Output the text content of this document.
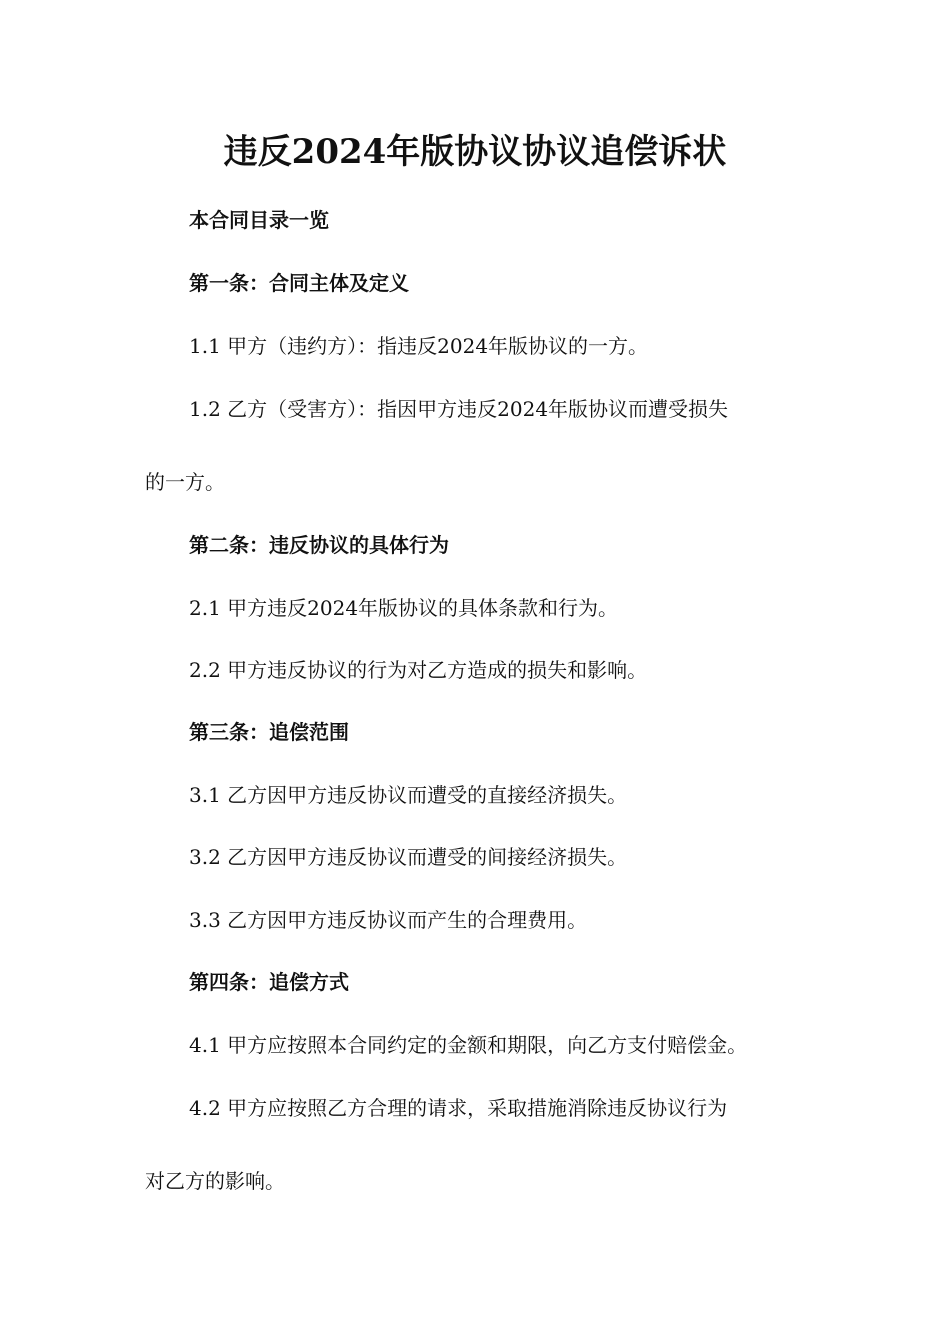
违反2024年版协议协议追偿诉状
本合同目录一览
第一条：合同主体及定义
1.1 甲方（违约方）：指违反2024年版协议的一方。
1.2 乙方（受害方）：指因甲方违反2024年版协议而遭受损失
的一方。
第二条：违反协议的具体行为
2.1 甲方违反2024年版协议的具体条款和行为。
2.2 甲方违反协议的行为对乙方造成的损失和影响。
第三条：追偿范围
3.1 乙方因甲方违反协议而遭受的直接经济损失。
3.2 乙方因甲方违反协议而遭受的间接经济损失。
3.3 乙方因甲方违反协议而产生的合理费用。
第四条：追偿方式
4.1 甲方应按照本合同约定的金额和期限，向乙方支付赔偿金。
4.2 甲方应按照乙方合理的请求，采取措施消除违反协议行为
对乙方的影响。
